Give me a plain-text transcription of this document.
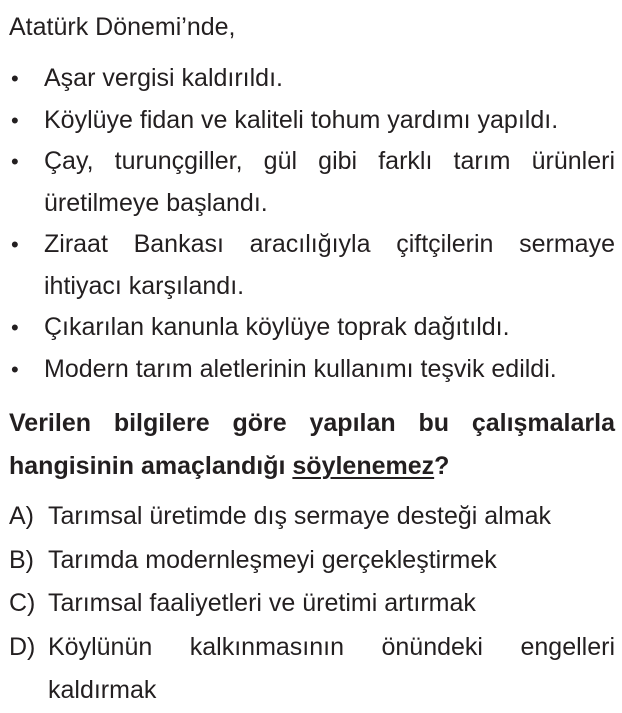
Atatürk Dönemi’nde,
• Aşar vergisi kaldırıldı.
• Köylüye fidan ve kaliteli tohum yardımı yapıldı.
• Çay, turunçgiller, gül gibi farklı tarım ürünleri üretilmeye başlandı.
• Ziraat Bankası aracılığıyla çiftçilerin sermaye ihtiyacı karşılandı.
• Çıkarılan kanunla köylüye toprak dağıtıldı.
• Modern tarım aletlerinin kullanımı teşvik edildi.
Verilen bilgilere göre yapılan bu çalışmalarla hangisinin amaçlandığı söylenemez?
A) Tarımsal üretimde dış sermaye desteği almak
B) Tarımda modernleşmeyi gerçekleştirmek
C) Tarımsal faaliyetleri ve üretimi artırmak
D) Köylünün kalkınmasının önündeki engelleri kaldırmak
